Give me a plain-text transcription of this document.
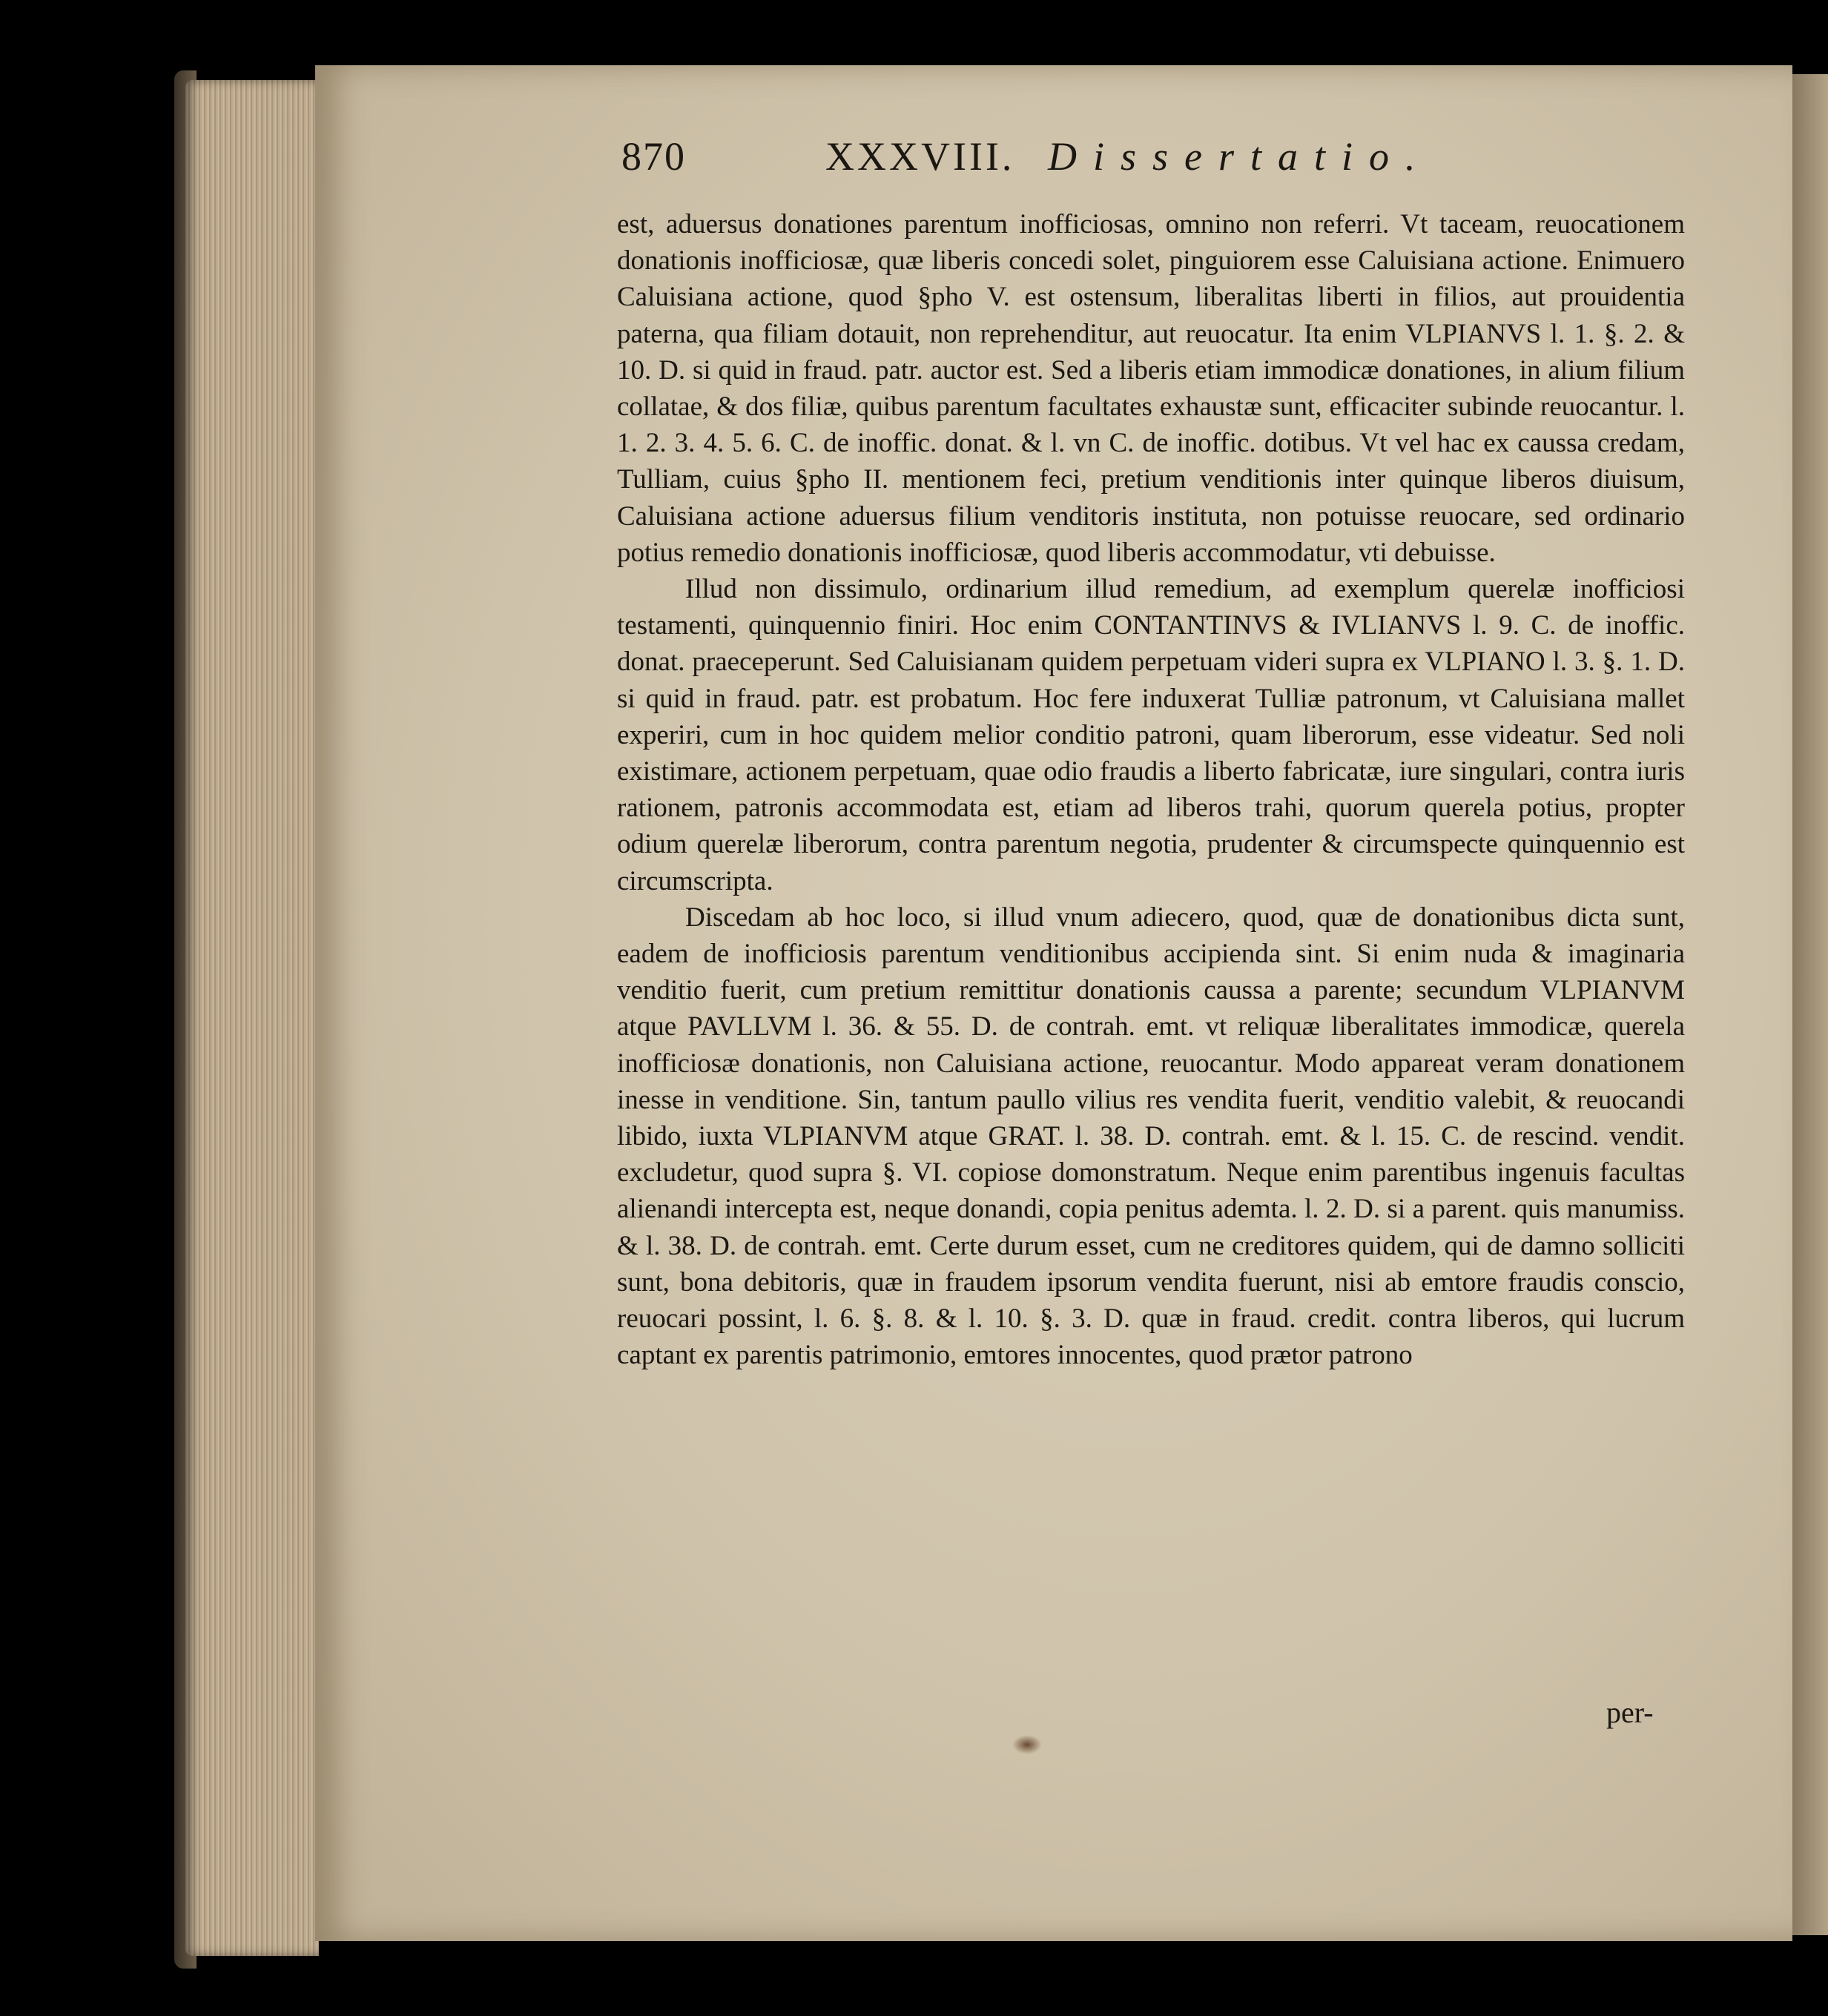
870	XXXVIII. Dissertatio.

est, aduersus donationes parentum inofficiosas, omnino non referri. Vt taceam, reuocationem donationis inofficiosæ, quæ liberis concedi solet, pinguiorem esse Caluisiana actione. Enimuero Caluisiana actione, quod §pho V. est ostensum, liberalitas liberti in filios, aut prouidentia paterna, qua filiam dotauit, non reprehenditur, aut reuocatur. Ita enim VLPIANVS l. 1. §. 2. & 10. D. si quid in fraud. patr. auctor est. Sed a liberis etiam immodicæ donationes, in alium filium collatae, & dos filiæ, quibus parentum facultates exhaustæ sunt, efficaciter subinde reuocantur. l. 1. 2. 3. 4. 5. 6. C. de inoffic. donat. & l. vn C. de inoffic. dotibus. Vt vel hac ex caussa credam, Tulliam, cuius §pho II. mentionem feci, pretium venditionis inter quinque liberos diuisum, Caluisiana actione aduersus filium venditoris instituta, non potuisse reuocare, sed ordinario potius remedio donationis inofficiosæ, quod liberis accommodatur, vti debuisse.

Illud non dissimulo, ordinarium illud remedium, ad exemplum querelæ inofficiosi testamenti, quinquennio finiri. Hoc enim CONTANTINVS & IVLIANVS l. 9. C. de inoffic. donat. praeceperunt. Sed Caluisianam quidem perpetuam videri supra ex VLPIANO l. 3. §. 1. D. si quid in fraud. patr. est probatum. Hoc fere induxerat Tulliæ patronum, vt Caluisiana mallet experiri, cum in hoc quidem melior conditio patroni, quam liberorum, esse videatur. Sed noli existimare, actionem perpetuam, quae odio fraudis a liberto fabricatæ, iure singulari, contra iuris rationem, patronis accommodata est, etiam ad liberos trahi, quorum querela potius, propter odium querelæ liberorum, contra parentum negotia, prudenter & circumspecte quinquennio est circumscripta.

Discedam ab hoc loco, si illud vnum adiecero, quod, quæ de donationibus dicta sunt, eadem de inofficiosis parentum venditionibus accipienda sint. Si enim nuda & imaginaria venditio fuerit, cum pretium remittitur donationis caussa a parente; secundum VLPIANVM atque PAVLLVM l. 36. & 55. D. de contrah. emt. vt reliquæ liberalitates immodicæ, querela inofficiosæ donationis, non Caluisiana actione, reuocantur. Modo appareat veram donationem inesse in venditione. Sin, tantum paullo vilius res vendita fuerit, venditio valebit, & reuocandi libido, iuxta VLPIANVM atque GRAT. l. 38. D. contrah. emt. & l. 15. C. de rescind. vendit. excludetur, quod supra §. VI. copiose domonstratum. Neque enim parentibus ingenuis facultas alienandi intercepta est, neque donandi, copia penitus ademta. l. 2. D. si a parent. quis manumiss. & l. 38. D. de contrah. emt. Certe durum esset, cum ne creditores quidem, qui de damno solliciti sunt, bona debitoris, quæ in fraudem ipsorum vendita fuerunt, nisi ab emtore fraudis conscio, reuocari possint, l. 6. §. 8. & l. 10. §. 3. D. quæ in fraud. credit. contra liberos, qui lucrum captant ex parentis patrimonio, emtores innocentes, quod prætor patrono

per-
